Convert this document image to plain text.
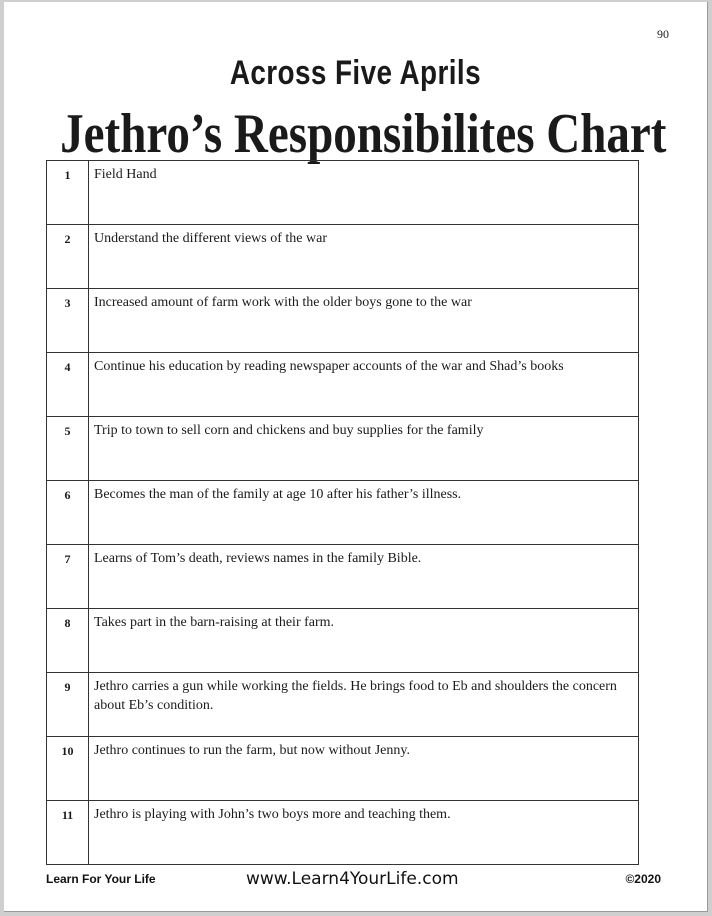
90
Across Five Aprils
Jethro’s Responsibilites Chart
1	Field Hand
2	Understand the different views of the war
3	Increased amount of farm work with the older boys gone to the war
4	Continue his education by reading newspaper accounts of the war and Shad’s books
5	Trip to town to sell corn and chickens and buy supplies for the family
6	Becomes the man of the family at age 10 after his father’s illness.
7	Learns of Tom’s death, reviews names in the family Bible.
8	Takes part in the barn-raising at their farm.
9	Jethro carries a gun while working the fields. He brings food to Eb and shoulders the concern about Eb’s condition.
10	Jethro continues to run the farm, but now without Jenny.
11	Jethro is playing with John’s two boys more and teaching them.
Learn For Your Life	www.Learn4YourLife.com	©2020
